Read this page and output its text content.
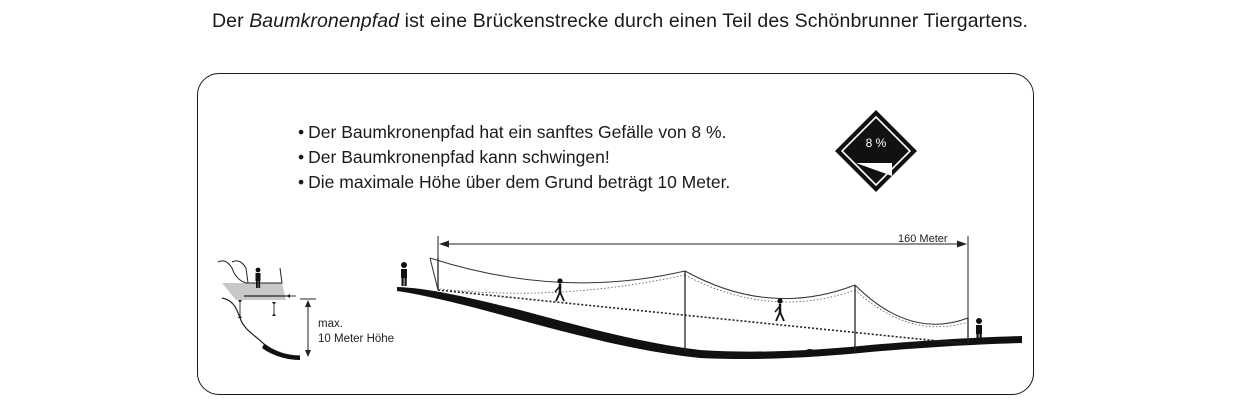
Der Baumkronenpfad ist eine Brückenstrecke durch einen Teil des Schönbrunner Tiergartens.
• Der Baumkronenpfad hat ein sanftes Gefälle von 8 %.
• Der Baumkronenpfad kann schwingen!
• Die maximale Höhe über dem Grund beträgt 10 Meter.
8 %
160 Meter
max.
10 Meter Höhe
